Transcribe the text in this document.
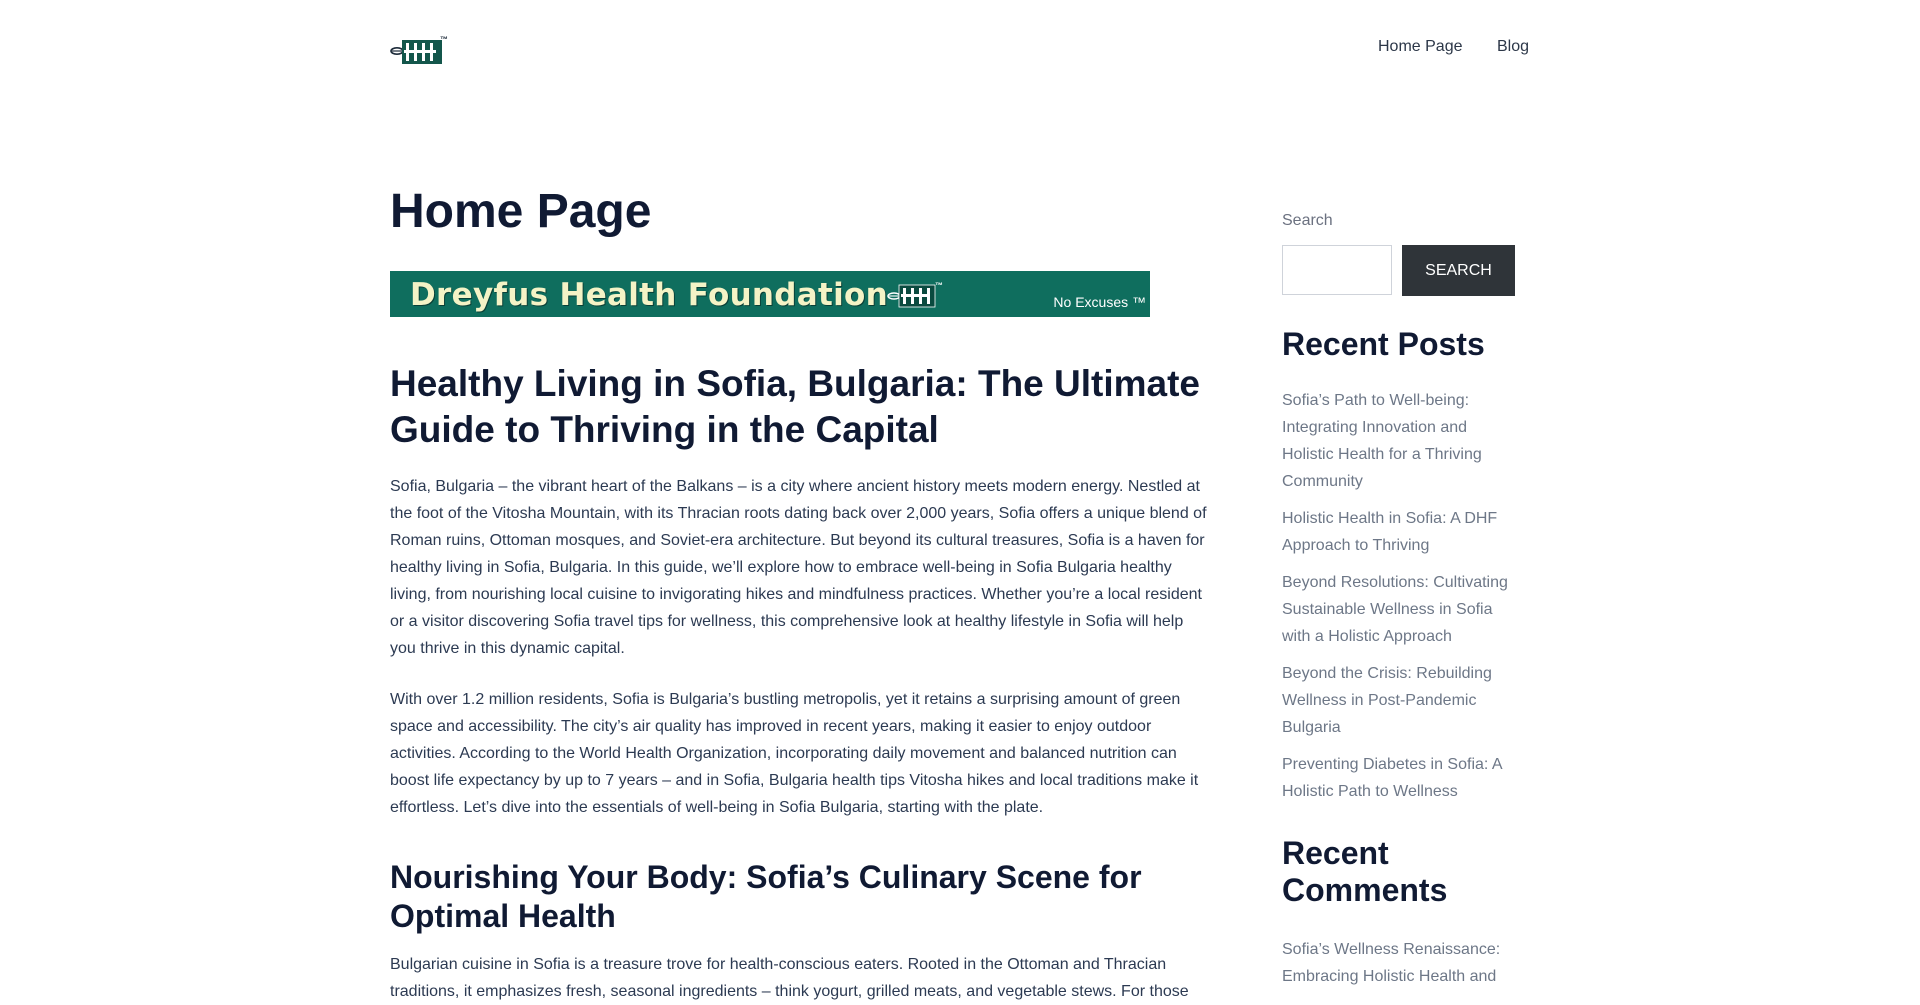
™	Home Page Blog
Home Page
Dreyfus Health Foundation	™
No Excuses ™
Healthy Living in Sofia, Bulgaria: The Ultimate Guide to Thriving in the Capital

Sofia, Bulgaria – the vibrant heart of the Balkans – is a city where ancient history meets modern energy. Nestled at the foot of the Vitosha Mountain, with its Thracian roots dating back over 2,000 years, Sofia offers a unique blend of Roman ruins, Ottoman mosques, and Soviet-era architecture. But beyond its cultural treasures, Sofia is a haven for healthy living in Sofia, Bulgaria. In this guide, we’ll explore how to embrace well-being in Sofia Bulgaria healthy living, from nourishing local cuisine to invigorating hikes and mindfulness practices. Whether you’re a local resident or a visitor discovering Sofia travel tips for wellness, this comprehensive look at healthy lifestyle in Sofia will help you thrive in this dynamic capital.

With over 1.2 million residents, Sofia is Bulgaria’s bustling metropolis, yet it retains a surprising amount of green space and accessibility. The city’s air quality has improved in recent years, making it easier to enjoy outdoor activities. According to the World Health Organization, incorporating daily movement and balanced nutrition can boost life expectancy by up to 7 years – and in Sofia, Bulgaria health tips Vitosha hikes and local traditions make it effortless. Let’s dive into the essentials of well-being in Sofia Bulgaria, starting with the plate.

Nourishing Your Body: Sofia’s Culinary Scene for Optimal Health

Bulgarian cuisine in Sofia is a treasure trove for health-conscious eaters. Rooted in the Ottoman and Thracian traditions, it emphasizes fresh, seasonal ingredients – think yogurt, grilled meats, and vegetable stews. For those

Search
SEARCH
Recent Posts
Sofia’s Path to Well-being: Integrating Innovation and Holistic Health for a Thriving Community
Holistic Health in Sofia: A DHF Approach to Thriving
Beyond Resolutions: Cultivating Sustainable Wellness in Sofia with a Holistic Approach
Beyond the Crisis: Rebuilding Wellness in Post-Pandemic Bulgaria
Preventing Diabetes in Sofia: A Holistic Path to Wellness
Recent Comments
Sofia’s Wellness Renaissance: Embracing Holistic Health and
